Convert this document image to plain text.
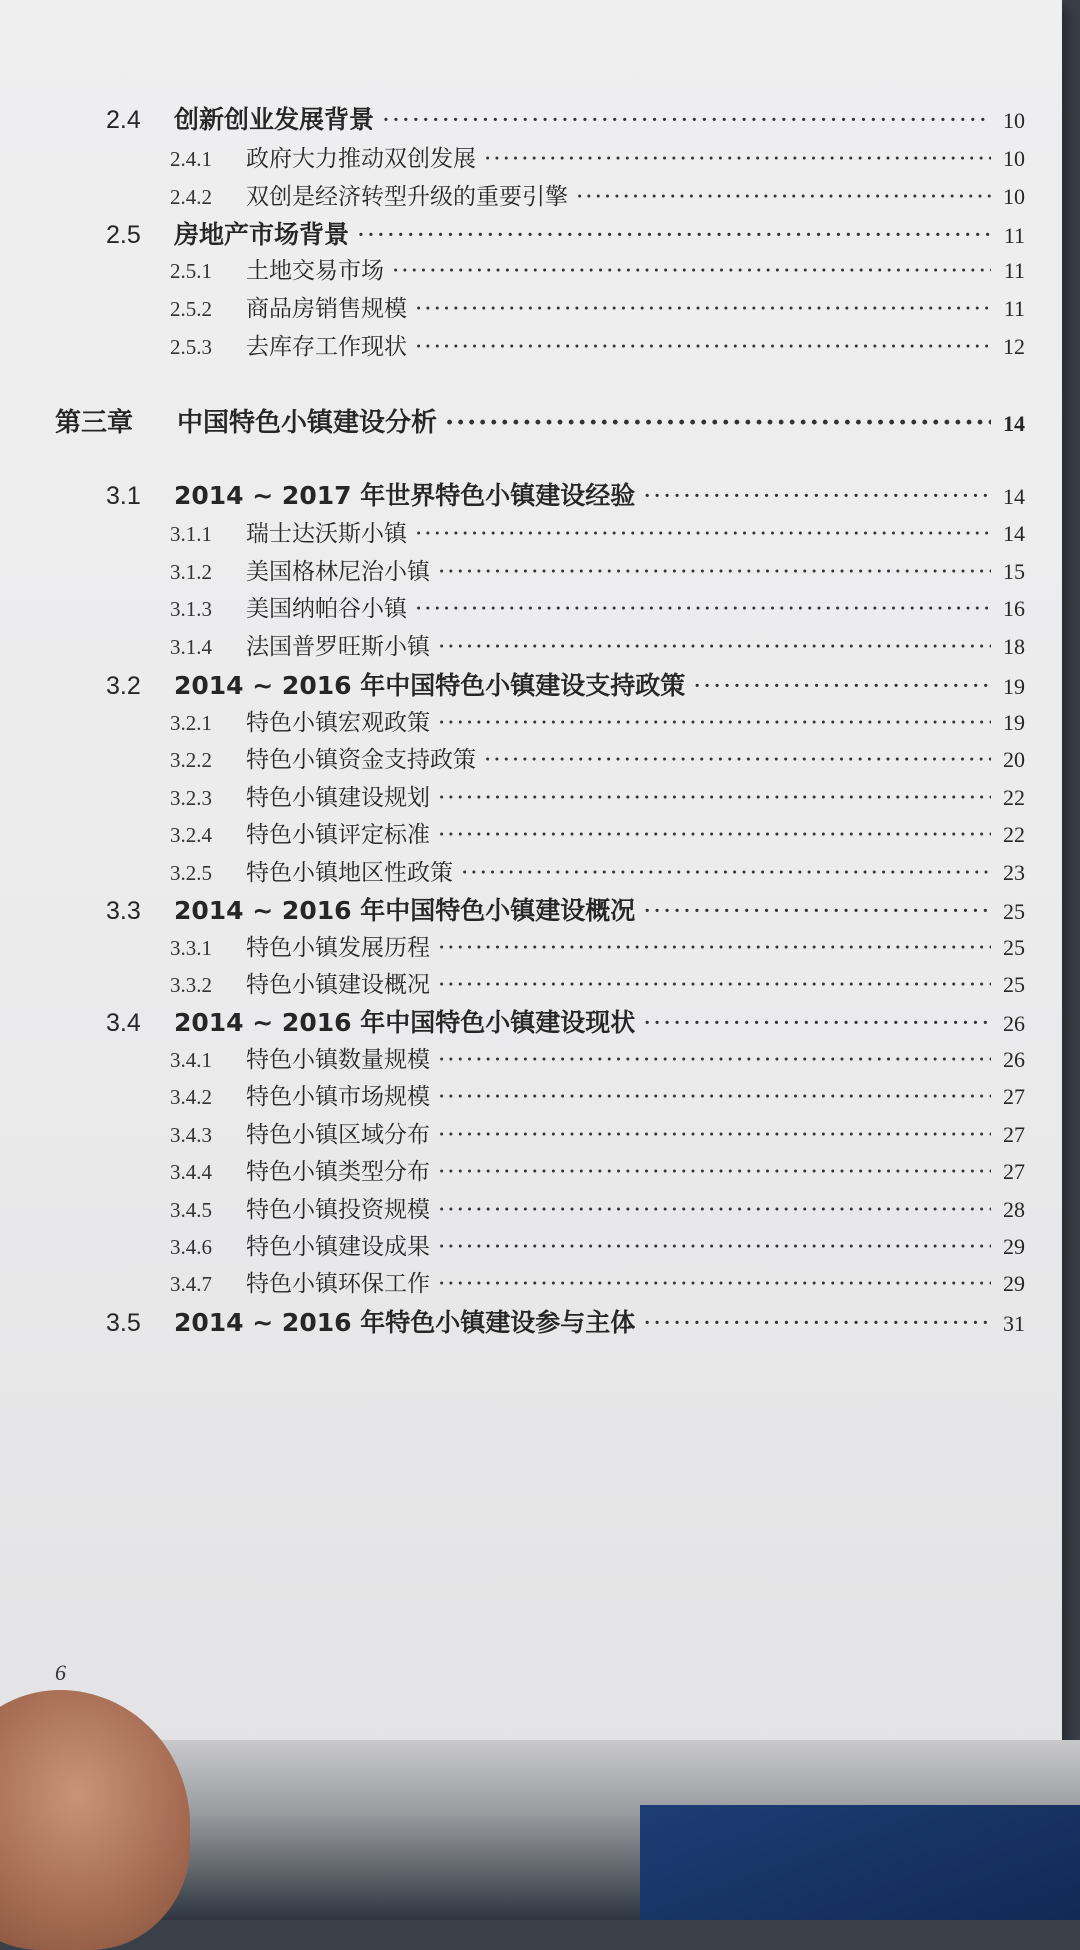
2.4	创新创业发展背景 ·····	10
2.4.1	政府大力推动双创发展 ·····	10
2.4.2	双创是经济转型升级的重要引擎 ·····	10
2.5	房地产市场背景 ·····	11
2.5.1	土地交易市场 ·····	11
2.5.2	商品房销售规模 ·····	11
2.5.3	去库存工作现状 ·····	12
第三章	中国特色小镇建设分析 ·····	14
3.1	2014 ~ 2017 年世界特色小镇建设经验 ·····	14
3.1.1	瑞士达沃斯小镇 ·····	14
3.1.2	美国格林尼治小镇 ·····	15
3.1.3	美国纳帕谷小镇 ·····	16
3.1.4	法国普罗旺斯小镇 ·····	18
3.2	2014 ~ 2016 年中国特色小镇建设支持政策 ·····	19
3.2.1	特色小镇宏观政策 ·····	19
3.2.2	特色小镇资金支持政策 ·····	20
3.2.3	特色小镇建设规划 ·····	22
3.2.4	特色小镇评定标准 ·····	22
3.2.5	特色小镇地区性政策 ·····	23
3.3	2014 ~ 2016 年中国特色小镇建设概况 ·····	25
3.3.1	特色小镇发展历程 ·····	25
3.3.2	特色小镇建设概况 ·····	25
3.4	2014 ~ 2016 年中国特色小镇建设现状 ·····	26
3.4.1	特色小镇数量规模 ·····	26
3.4.2	特色小镇市场规模 ·····	27
3.4.3	特色小镇区域分布 ·····	27
3.4.4	特色小镇类型分布 ·····	27
3.4.5	特色小镇投资规模 ·····	28
3.4.6	特色小镇建设成果 ·····	29
3.4.7	特色小镇环保工作 ·····	29
3.5	2014 ~ 2016 年特色小镇建设参与主体 ·····	31
6
